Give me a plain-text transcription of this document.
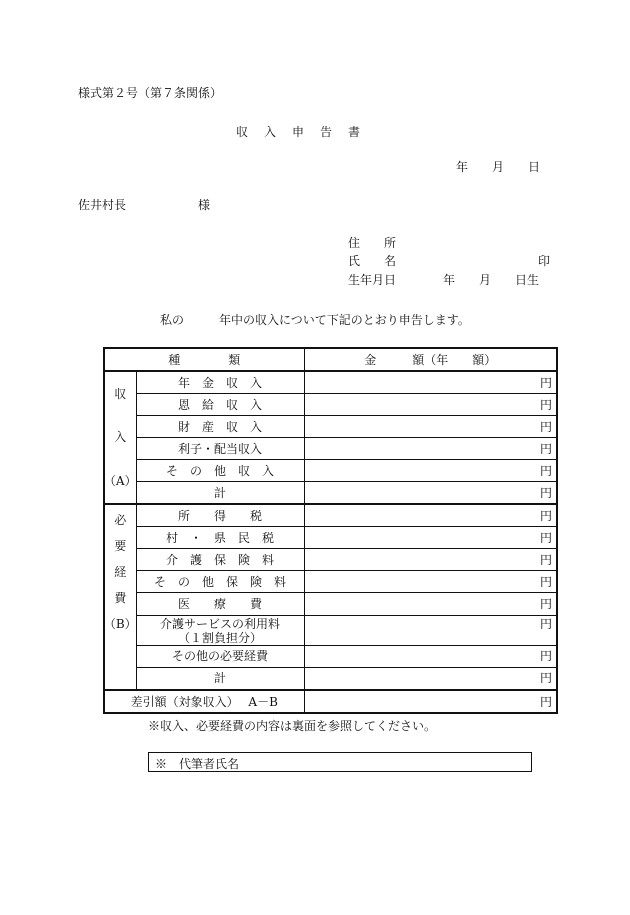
様式第２号（第７条関係）
収　入　申　告　書
年　　月　　日
佐井村長　　　　　　様
住　　所
氏　　名	印
生年月日	年　　月　　日生
私の	年中の収入について下記のとおり申告します。
種　　　　類		金　　　額（年　　額）

収
入
（A）	年　金　収　入	円
	恩　給　収　入	円
	財　産　収　入	円
	利子・配当収入	円
	そ　の　他　収　入	円
	計	円

必
要
経
費
（B）	所　　得　　税	円
	村　・　県　民　税	円
	介　護　保　険　料	円
	そ　の　他　保　険　料	円
	医　　療　　費	円

	介護サービスの利用料
（１割負担分）	円
	その他の必要経費	円
	計	円
差引額（対象収入）　 A－B		円
※収入、必要経費の内容は裏面を参照してください。
※　代筆者氏名
